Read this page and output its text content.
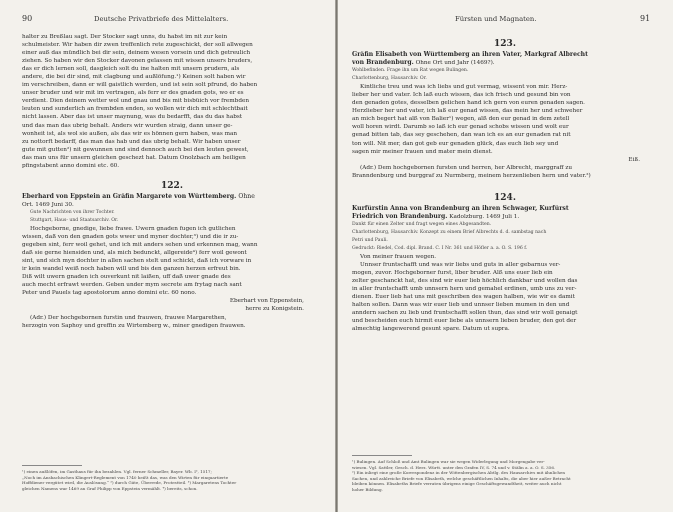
90	Deutsche Privatbriefe des Mittelalters.
halter zu Breßlau sagt. Der Stocker sagt unns, du habst im nit zur kein
schulmeister. Wir haben dir zwen treffenlich rete zugeschickt, der soll allwegen
einer auß das mündlich bei dir sein, deinem wesen vorsein und dich getreulich
ziehen. So haben wir den Stocker davonen gelassen mit wissen unsers bruders,
das er dich lernen soll, dasgleich solt du ine halten mit unsern prudern, als
andere, die bei dir sind, mit clagbung und außlöfung.¹) Keinen solt haben wir
im verschreiben, dann er will gaistlich werden, und ist sein solt pfrund, do haben
unser bruder und wir mit im vertragen, als ferr er des gnaden gots, wo er es
verdient. Dien deinem wetter wol und gnau und bis mit bisbüich vor frembden
leuten und sunderlich an frembden enden, so wollen wir dich mit schlechtbait
nicht lassen. Aber das ist unser maynung, was du bedarfft, das du das habst
und das man das ubrig behalt. Anders wir wurden straig, dann unser ge-
wonheit ist, als wol sie außen, als das wir es hönnen gern haben, was man
zu nottorft bedarff, das man das hab und das ubrig behalt. Wir haben unser
gute mit gutten²) nit gewunnen und sind dennoch auch bei den leuten gewest,
das man uns für unsern gleichen geschezt hat. Datum Onolzbach am heiligen
pfingstabent anno domini etc. 60.
122.
Eberhard von Eppstein an Gräfin Margarete von Württemberg. Ohne
Ort. 1469 Juni 30.
Gute Nachrichten von ihrer Tochter.
Stuttgart, Haus- und Staatsarchiv. Or.
Hochgeborne, gnedige, liebe frawe. Uwern gnaden fugen ich gutlichen
wissen, daß von den gnaden gots wwer und myner dochter,³) und die ir zu-
gegeben sint, ferr woil gehet, und ich mit anders sehen und erkennen mag, wann
daß sie gerne hiensiden und, als mich bedunckt, allgereide⁴) ferr woil gewont
sint, und sich myn dochter in allen sachen stelt und schickt, daß ich vorware in
ir kein wandel weiß noch haben will und bis den ganzen herzen erfreut bin.
Diß wilt uwern gnaden ich ouverkunt nit laißen, uff daß uwer gnade des
auch mecht erfrawt werden. Geben under mym secrete am frytag nach sant
Peter und Pauels tag apostolorum anno domini etc. 60 nono.
Eberhart von Eppenstein,
herre zu Konigstein.
(Adr.) Der hochgebornen furstin und frauwen, frauwe Margarethen,
herzogin von Saphoy und greffin zu Wirtemberg w., miner gnedigen frauwen.
¹) einen außlöfen, im Gasthaus für ihn bezahlen. Vgl. ferner Schmeller, Bayer. Wb. I², 1517;
„Noch im Ansbachischen Klingert-Reglement von 1740 heißt das, was den Wirten für einquartierte
Hoffdiener vergütet wird, die Auslösung.“ ²) durch Güte, Überrede, Protestteil. ³) Margaretens Tochter
gleichen Namens war 1469 an Graf Philipp von Eppstein vermählt. ⁴) bereits, schon.
Fürsten und Magnaten.	91
123.
Gräfin Elisabeth von Württemberg an ihren Vater, Markgraf Albrecht
von Brandenburg. Ohne Ort und Jahr (1469?).
Wohlbefinden. Frage ihn um Rat wegen Bulingen.
Charlottenburg, Hausarchiv. Or.
Kintliche treu und was ich liebs und gut vermag, wissent von mir. Herz-
lieber her und vater. Ich laß euch wissen, das ich frisch und gesund bin von
den genaden gotes, desselben gelichen hand ich gern von euren genaden sagen.
Herzlieber her und vater, ich laß eur genad wissen, das mein her und schweher
an mich begert hat alß von Balier¹) wegen, alß den eur genad in dem zetell
woll horen wirdt. Darumb so laß ich eur genad schobs wissen und wolt eur
genad bitten tab, das sey geschehen, dan wan ich es an eur genaden rat nit
ton will. Nit mer, dan got geb eur genaden glück, das euch lieb sey und
sagen mir meiner frauen und mater mein dienst.
Eiß.
(Adr.) Dem hochgebornen fursten und herren, her Albrecht, marggraff zu
Branndenburg und burggraf zu Nurmberg, meinem herzenlieben hern und vater.²)
124.
Kurfürstin Anna von Brandenburg an ihren Schwager, Kurfürst
Friedrich von Brandenburg. Kadolzburg. 1469 Juli 1.
Dankt für einen Zelter und fragt wegen eines Abgesandten.
Charlottenburg, Hausarchiv. Konzept zu einem Brief Albrechts d. d. sambstag nach
Petri und Pauli.
Gedruckt: Riedel, Cod. dipl. Brand. C. I Nr. 361 und Höfler a. a. O. S. 196 f.
Von meiner frauen wegen.
Unnser fruntschafft und was wir liebs und guts in aller gebarnus ver-
mogen, zuvor. Hochgeborner furst, liber bruder. Alß uns euer lieb ein
zelter geschanckt hat, des sind wir euer lieb höchlich dankbar und wollen das
in aller fruntschafft umb unnsern hern und gemahel erdinen, umb uns zu ver-
dienen. Euer lieb hat uns mit geschriben des wagen halben, wie wir es damit
halten sollen. Dann was wir euer lieb und unnser lieben mumen in den und
anndern sachen zu lieb und fruntschafft sollen thun, das sind wir woll genaigt
und bescheiden euch hirmit euer liebe als unnsern lieben bruder, den got der
almechtig langewerend gesunt spare. Datum ut supra.
¹) Bulingen. Auf Schloß und Amt Bulingen war sie wegen Widerlegung und Morgengabe ver-
wiesen. Vgl. Sattler, Gesch. d. Herz. Württ. unter den Grafen IV, S. 74 und v. Stälin a. a. O. S. 356.
²) Ein inliegt eine große Korrespondenz in der Wittenbergischen Abtlg. des Hausarchivs mit ähnlichen
Sachen, und zahlreiche Briefe von Elisabeth, welche geschäftlichen Inhalts, die aber hier außer Betracht
bleiben können. Elisabeths Briefe verraten übrigens einige Geschäftsgewandtheit, weiter auch nicht
hoher Bildung.
